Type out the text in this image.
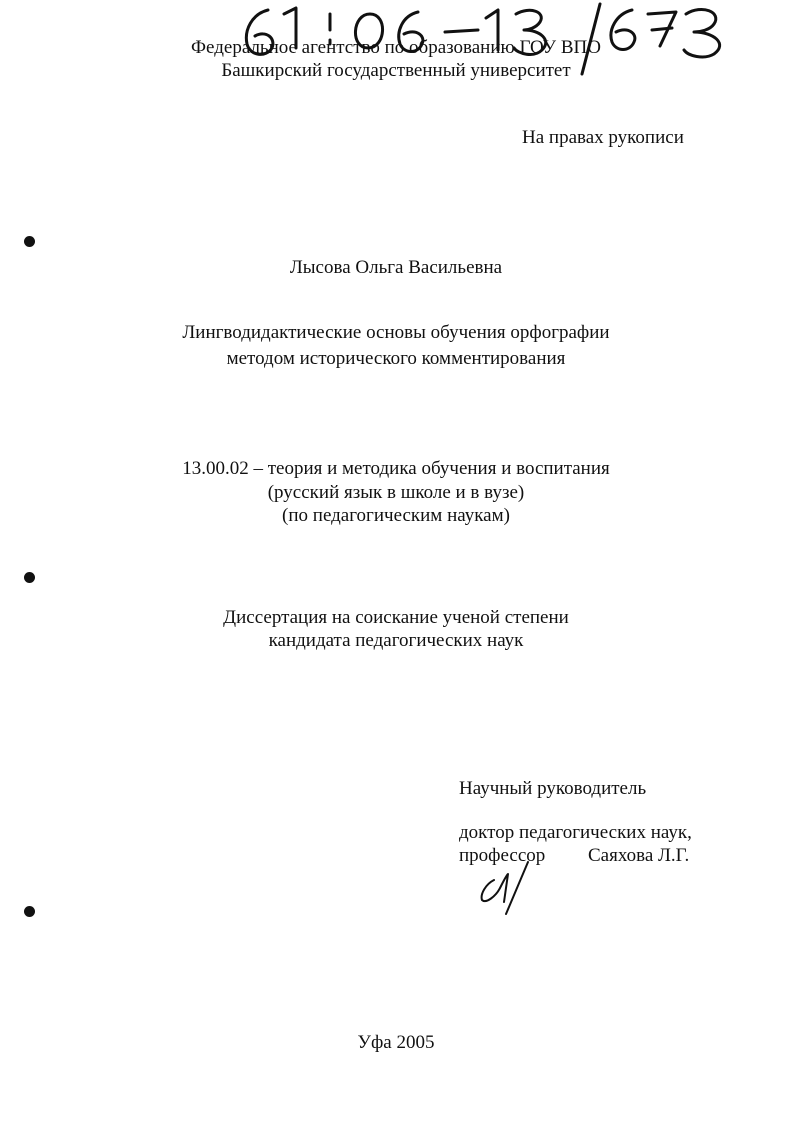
Федеральное агентство по образованию ГОУ ВПО
Башкирский государственный университет
На правах рукописи
Лысова Ольга Васильевна
Лингводидактические основы обучения орфографии
методом исторического комментирования
13.00.02 – теория и методика обучения и воспитания
(русский язык в школе и в вузе)
(по педагогическим наукам)
Диссертация на соискание ученой степени
кандидата педагогических наук
Научный руководитель
доктор педагогических наук,
профессор Саяхова Л.Г.
Уфа 2005
